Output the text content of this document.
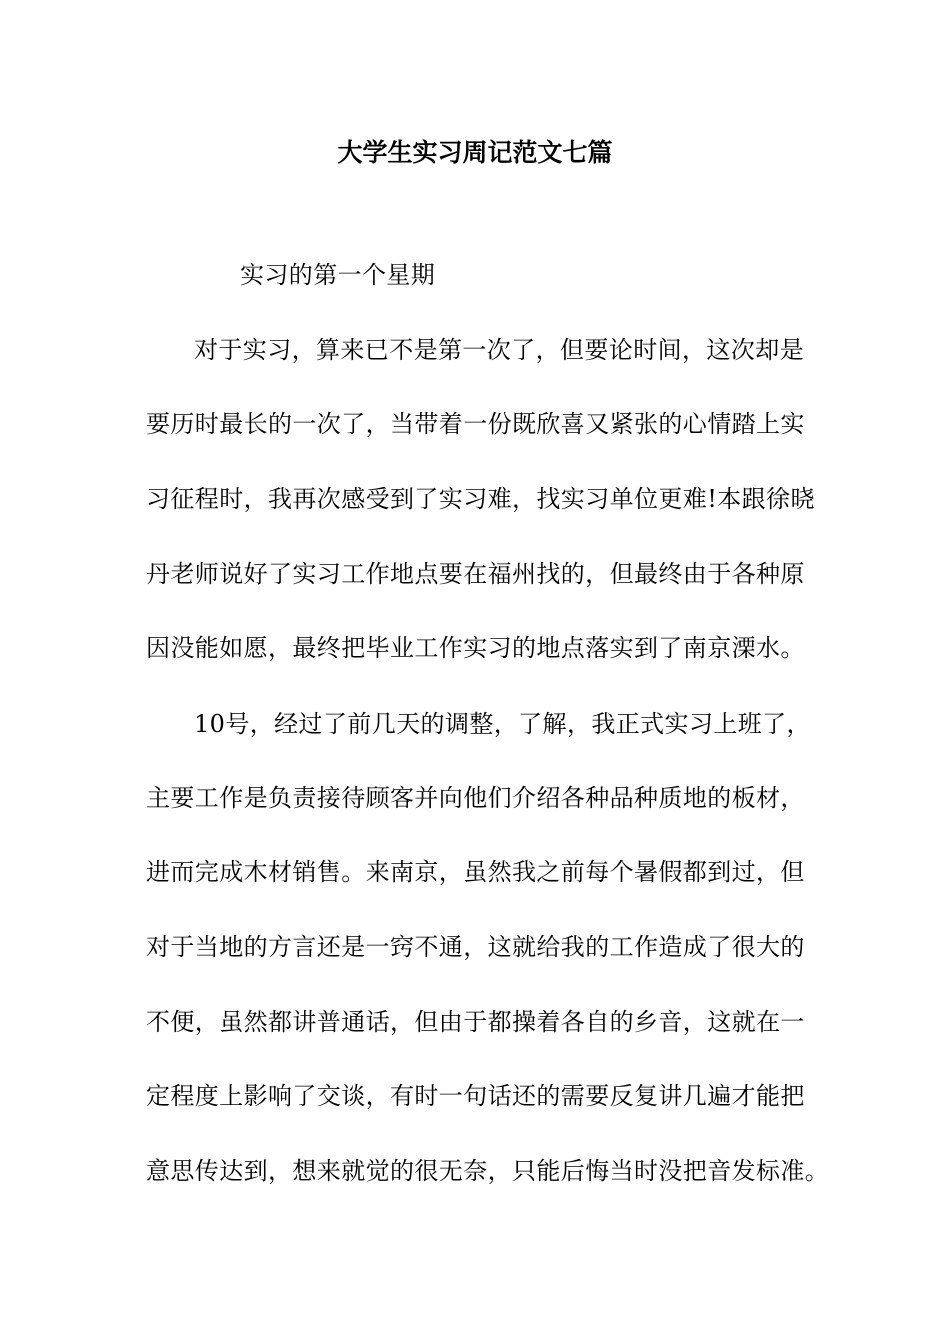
大学生实习周记范文七篇
实习的第一个星期
对于实习，算来已不是第一次了，但要论时间，这次却是
要历时最长的一次了，当带着一份既欣喜又紧张的心情踏上实
习征程时，我再次感受到了实习难，找实习单位更难!本跟徐晓
丹老师说好了实习工作地点要在福州找的，但最终由于各种原
因没能如愿，最终把毕业工作实习的地点落实到了南京溧水。
10号，经过了前几天的调整，了解，我正式实习上班了，
主要工作是负责接待顾客并向他们介绍各种品种质地的板材，
进而完成木材销售。来南京，虽然我之前每个暑假都到过，但
对于当地的方言还是一窍不通，这就给我的工作造成了很大的
不便，虽然都讲普通话，但由于都操着各自的乡音，这就在一
定程度上影响了交谈，有时一句话还的需要反复讲几遍才能把
意思传达到，想来就觉的很无奈，只能后悔当时没把音发标准。
